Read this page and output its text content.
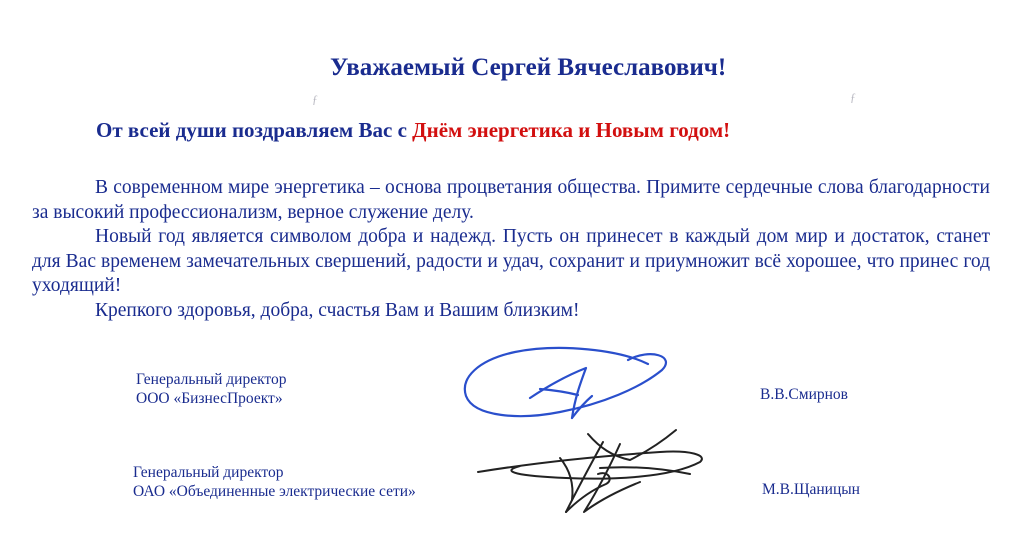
Уважаемый Сергей Вячеславович!
ƒ	ƒ
От всей души поздравляем Вас с Днём энергетика и Новым годом!

В современном мире энергетика – основа процветания общества. Примите сердечные слова благодарности за высокий профессионализм, верное служение делу.

Новый год является символом добра и надежд. Пусть он принесет в каждый дом мир и достаток, станет для Вас временем замечательных свершений, радости и удач, сохранит и приумножит всё хорошее, что принес год уходящий!

Крепкого здоровья, добра, счастья Вам и Вашим близким!

Генеральный директор
ООО «БизнесПроект»	В.В.Смирнов
Генеральный директор
ОАО «Объединенные электрические сети»	М.В.Щаницын
